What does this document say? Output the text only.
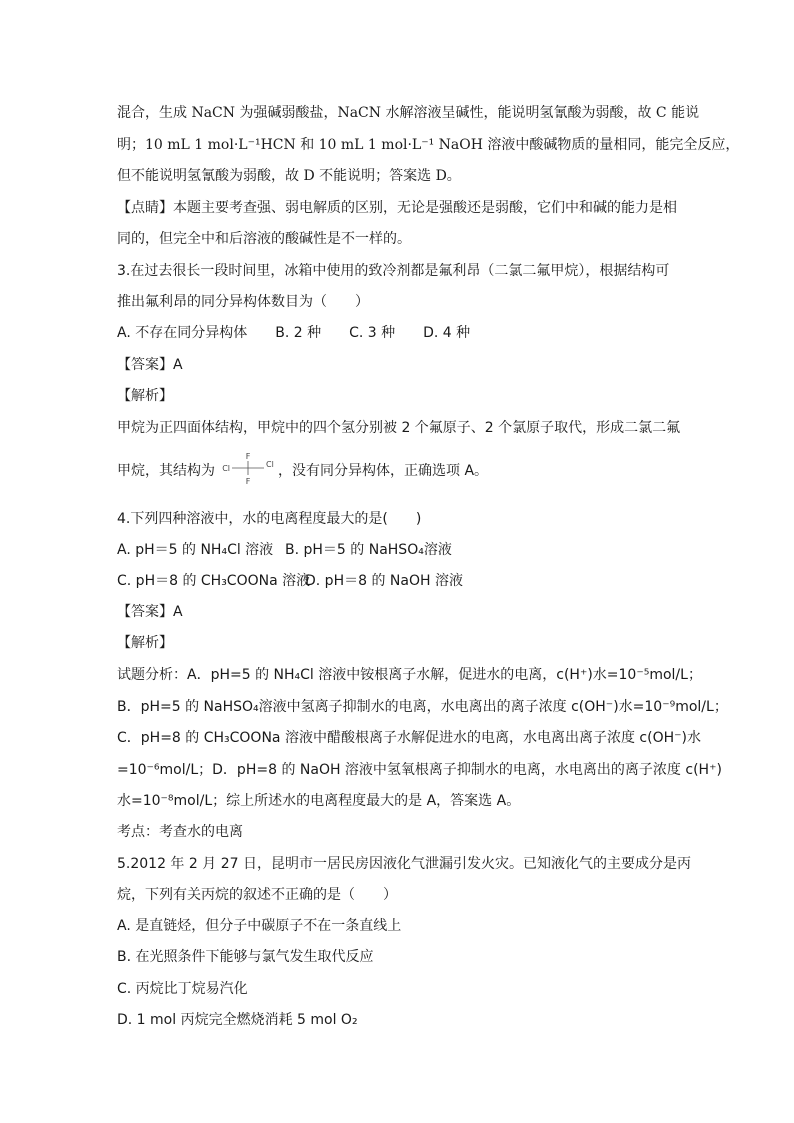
混合，生成 NaCN 为强碱弱酸盐，NaCN 水解溶液呈碱性，能说明氢氰酸为弱酸，故 C 能说
明；10 mL 1 mol·L⁻¹HCN 和 10 mL 1 mol·L⁻¹ NaOH 溶液中酸碱物质的量相同，能完全反应，
但不能说明氢氰酸为弱酸，故 D 不能说明；答案选 D。
【点睛】本题主要考查强、弱电解质的区别，无论是强酸还是弱酸，它们中和碱的能力是相
同的，但完全中和后溶液的酸碱性是不一样的。
3.在过去很长一段时间里，冰箱中使用的致冷剂都是氟利昂（二氯二氟甲烷），根据结构可
推出氟利昂的同分异构体数目为（　　）
A. 不存在同分异构体　　B. 2 种　　C. 3 种　　D. 4 种
【答案】A
【解析】
甲烷为正四面体结构，甲烷中的四个氢分别被 2 个氟原子、2 个氯原子取代，形成二氯二氟
甲烷，其结构为	，没有同分异构体，正确选项 A。
F
Cl	Cl
F
4.下列四种溶液中，水的电离程度最大的是(　　)
A. pH＝5 的 NH₄Cl 溶液 B. pH＝5 的 NaHSO₄溶液
C. pH＝8 的 CH₃COONa 溶液
D. pH＝8 的 NaOH 溶液
【答案】A
【解析】
试题分析：A．pH=5 的 NH₄Cl 溶液中铵根离子水解，促进水的电离，c(H⁺)水=10⁻⁵mol/L；
B．pH=5 的 NaHSO₄溶液中氢离子抑制水的电离，水电离出的离子浓度 c(OH⁻)水=10⁻⁹mol/L；
C．pH=8 的 CH₃COONa 溶液中醋酸根离子水解促进水的电离，水电离出离子浓度 c(OH⁻)水
=10⁻⁶mol/L；D．pH=8 的 NaOH 溶液中氢氧根离子抑制水的电离，水电离出的离子浓度 c(H⁺)
水=10⁻⁸mol/L；综上所述水的电离程度最大的是 A，答案选 A。
考点：考查水的电离
5.2012 年 2 月 27 日，昆明市一居民房因液化气泄漏引发火灾。已知液化气的主要成分是丙
烷，下列有关丙烷的叙述不正确的是（　　）
A. 是直链烃，但分子中碳原子不在一条直线上
B. 在光照条件下能够与氯气发生取代反应
C. 丙烷比丁烷易汽化
D. 1 mol 丙烷完全燃烧消耗 5 mol O₂
